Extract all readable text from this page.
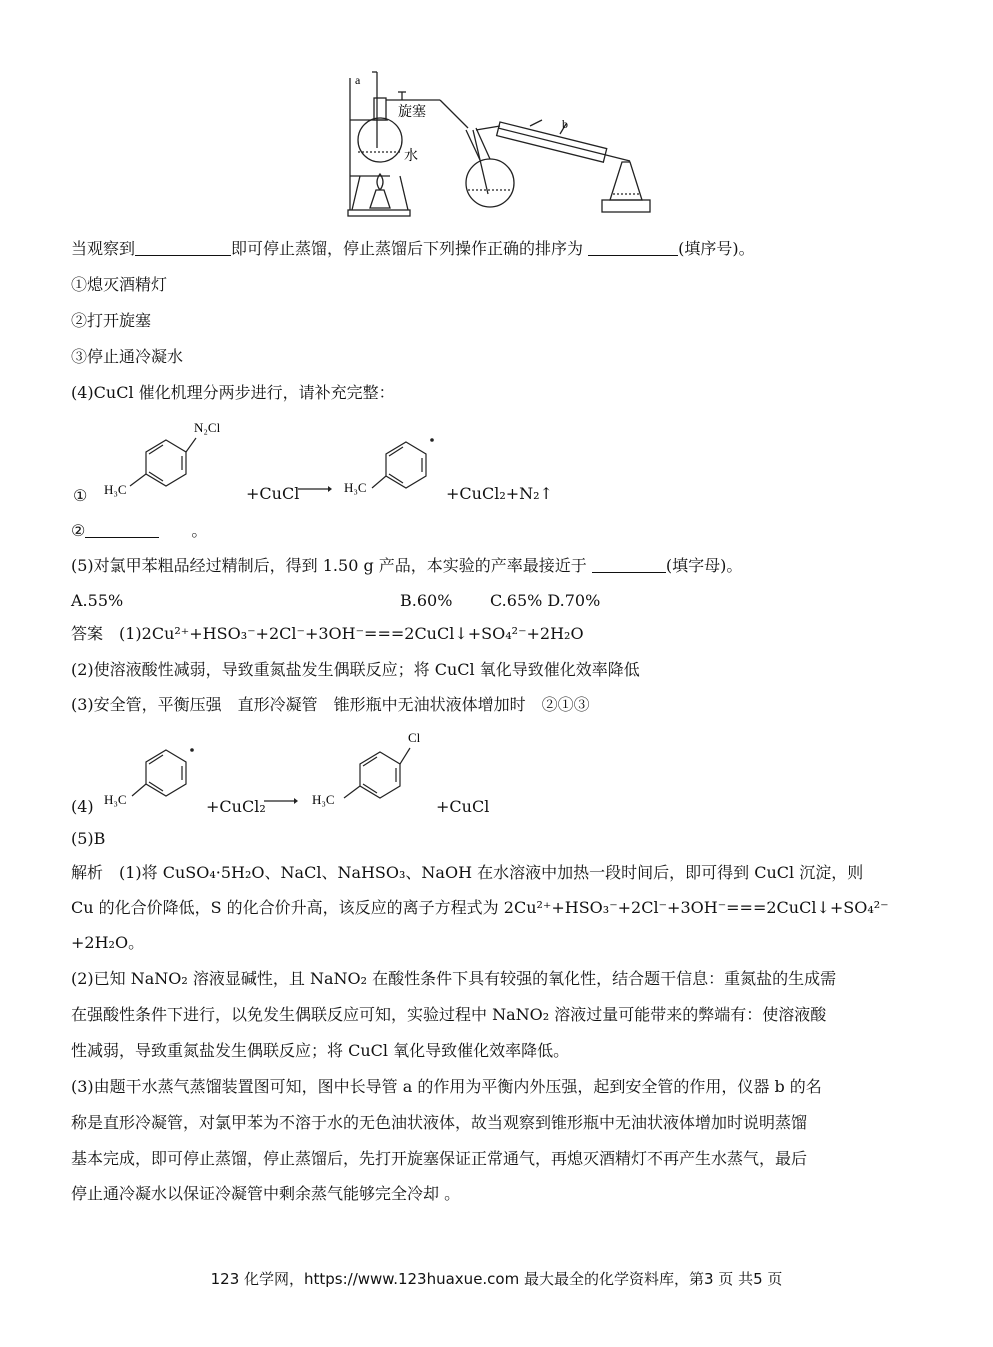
a
b
旋塞
水
当观察到	即可停止蒸馏，停止蒸馏后下列操作正确的排序为	(填序号)。
①熄灭酒精灯
②打开旋塞
③停止通冷凝水
(4)CuCl 催化机理分两步进行，请补充完整：
①
N₂Cl
H₃C	+CuCl → H₃C	+CuCl₂+N₂↑
②　　	。
(5)对氯甲苯粗品经过精制后，得到 1.50 g 产品，本实验的产率最接近于	(填字母)。
A.55%	B.60% C.65% D.70%
答案　(1)2Cu²⁺+HSO₃⁻+2Cl⁻+3OH⁻===2CuCl↓+SO₄²⁻+2H₂O
(2)使溶液酸性减弱，导致重氮盐发生偶联反应；将 CuCl 氧化导致催化效率降低
(3)安全管，平衡压强　直形冷凝管　锥形瓶中无油状液体增加时　②①③
(4) H₃C	+CuCl₂
Cl
H₃C	+CuCl
(5)B
解析　(1)将 CuSO₄·5H₂O、NaCl、NaHSO₃、NaOH 在水溶液中加热一段时间后，即可得到 CuCl 沉淀，则
Cu 的化合价降低，S 的化合价升高，该反应的离子方程式为 2Cu²⁺+HSO₃⁻+2Cl⁻+3OH⁻===2CuCl↓+SO₄²⁻
+2H₂O。
(2)已知 NaNO₂ 溶液显碱性，且 NaNO₂ 在酸性条件下具有较强的氧化性，结合题干信息：重氮盐的生成需
在强酸性条件下进行，以免发生偶联反应可知，实验过程中 NaNO₂ 溶液过量可能带来的弊端有：使溶液酸
性减弱，导致重氮盐发生偶联反应；将 CuCl 氧化导致催化效率降低。
(3)由题干水蒸气蒸馏装置图可知，图中长导管 a 的作用为平衡内外压强，起到安全管的作用，仪器 b 的名
称是直形冷凝管，对氯甲苯为不溶于水的无色油状液体，故当观察到锥形瓶中无油状液体增加时说明蒸馏
基本完成，即可停止蒸馏，停止蒸馏后，先打开旋塞保证正常通气，再熄灭酒精灯不再产生水蒸气，最后
停止通冷凝水以保证冷凝管中剩余蒸气能够完全冷却 。
123 化学网，https://www.123huaxue.com 最大最全的化学资料库，第3 页 共5 页
